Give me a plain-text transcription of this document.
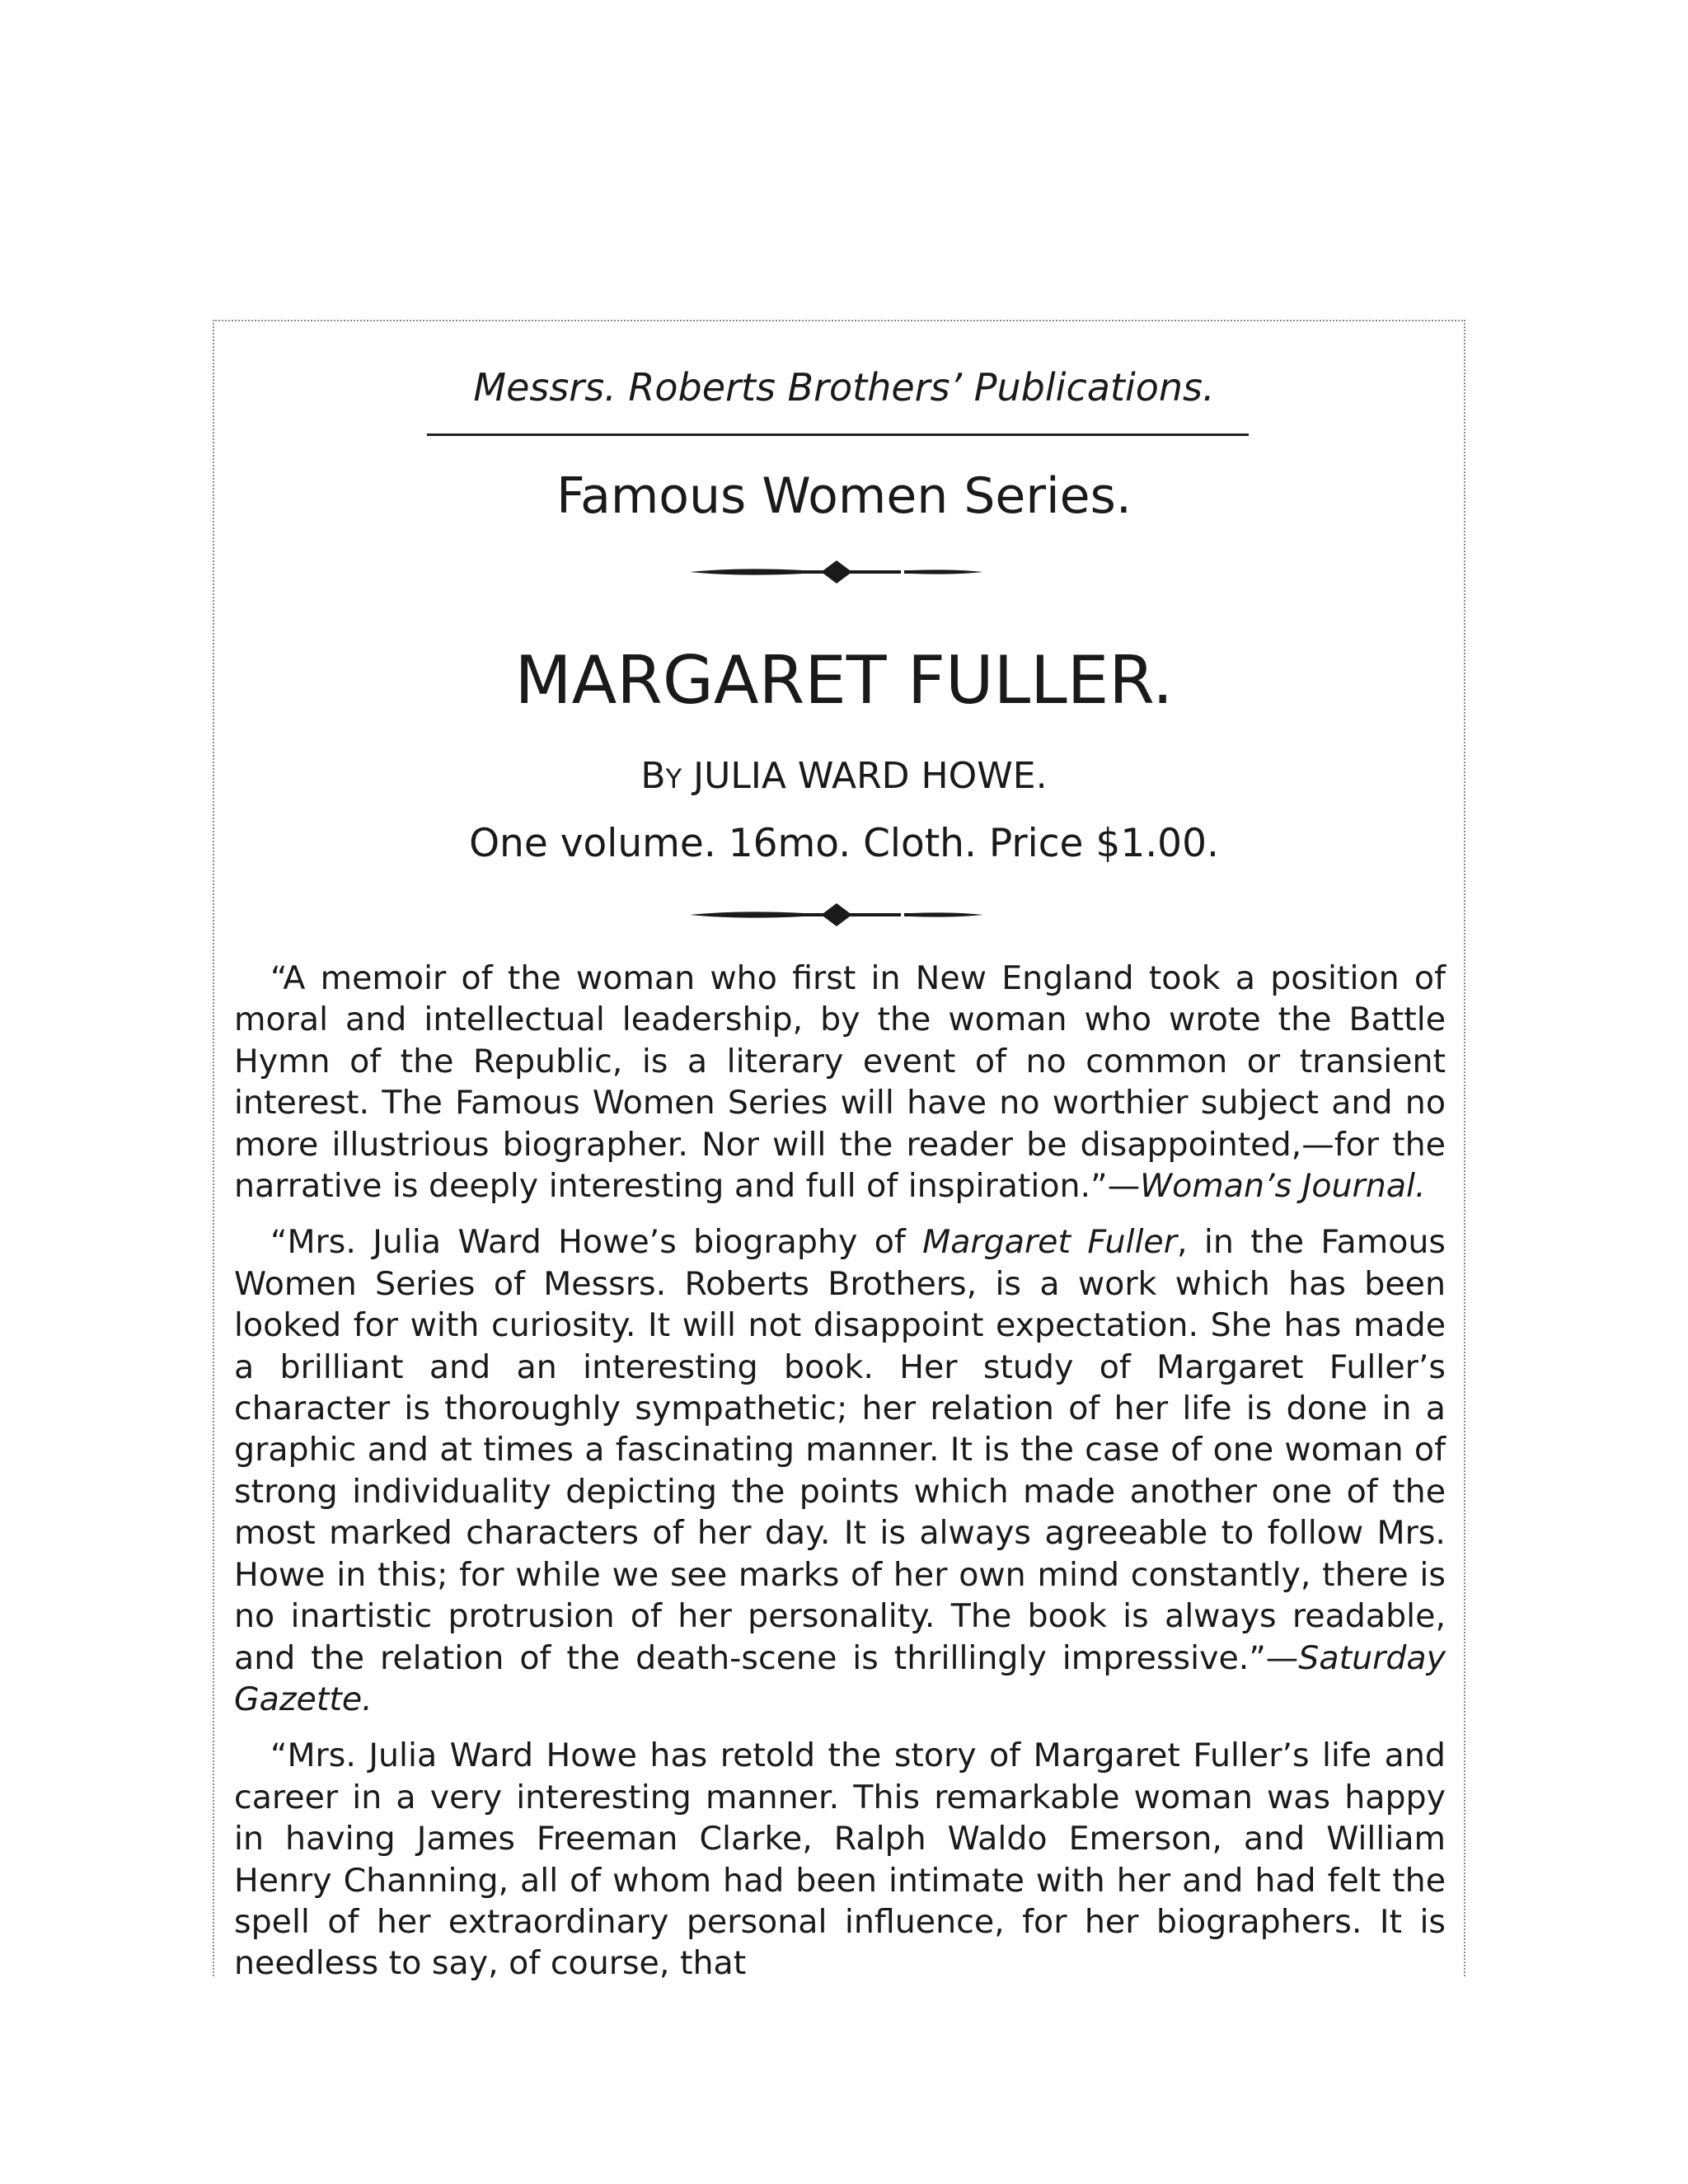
Messrs. Roberts Brothers’ Publications.
Famous Women Series.
MARGARET FULLER.
BY JULIA WARD HOWE.
One volume. 16mo. Cloth. Price $1.00.

“A memoir of the woman who first in New England took a position of moral and intellectual leadership, by the woman who wrote the Battle Hymn of the Republic, is a literary event of no common or transient interest. The Famous Women Series will have no worthier subject and no more illustrious biographer. Nor will the reader be disappointed,—for the narrative is deeply interesting and full of inspiration.”—Woman’s Journal.

“Mrs. Julia Ward Howe’s biography of Margaret Fuller, in the Famous Women Series of Messrs. Roberts Brothers, is a work which has been looked for with curiosity. It will not disappoint expectation. She has made a brilliant and an interesting book. Her study of Margaret Fuller’s character is thoroughly sympathetic; her relation of her life is done in a graphic and at times a fascinating manner. It is the case of one woman of strong individuality depicting the points which made another one of the most marked characters of her day. It is always agreeable to follow Mrs. Howe in this; for while we see marks of her own mind constantly, there is no inartistic protrusion of her personality. The book is always readable, and the relation of the death-scene is thrillingly impressive.”—Saturday Gazette.

“Mrs. Julia Ward Howe has retold the story of Margaret Fuller’s life and career in a very interesting manner. This remarkable woman was happy in having James Freeman Clarke, Ralph Waldo Emerson, and William Henry Channing, all of whom had been intimate with her and had felt the spell of her extraordinary personal influence, for her biographers. It is needless to say, of course, that
